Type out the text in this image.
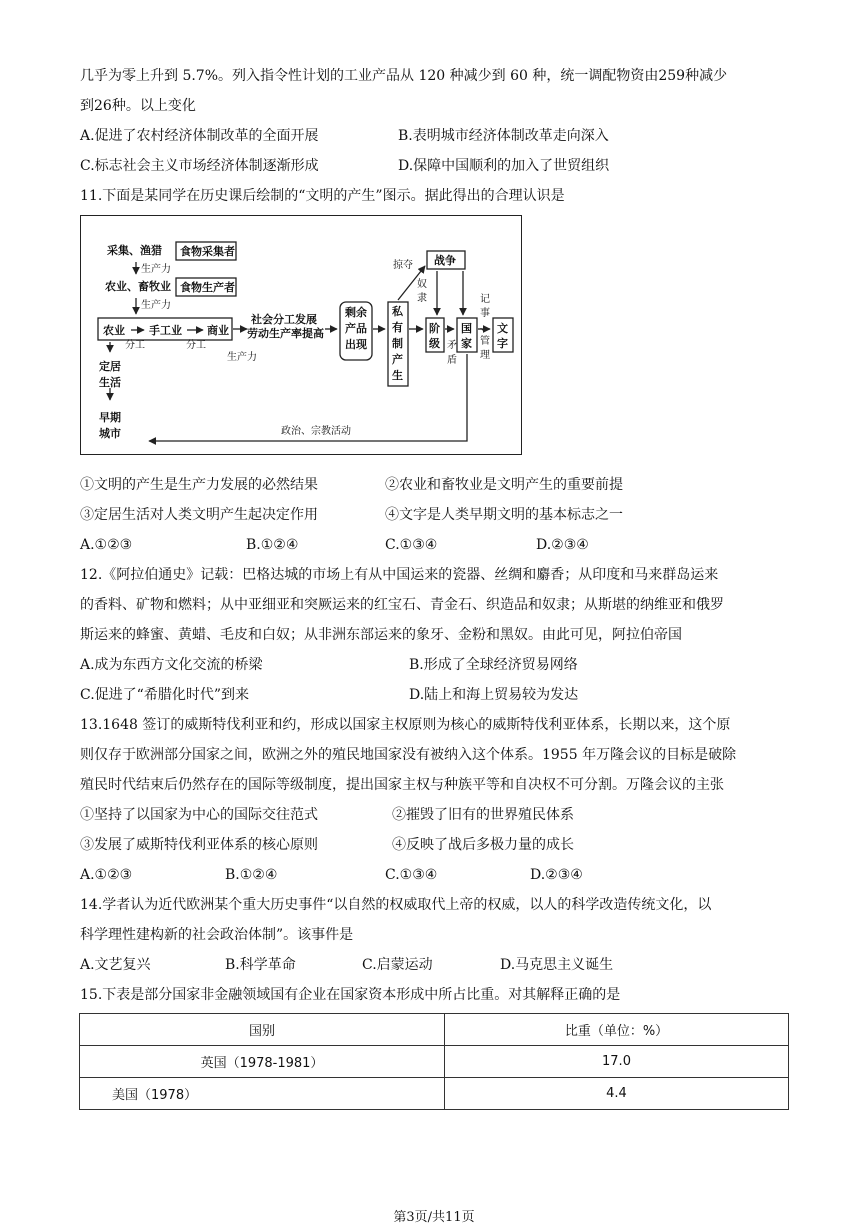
几乎为零上升到 5.7%。列入指令性计划的工业产品从 120 种减少到 60 种，统一调配物资由259种减少
到26种。以上变化
A.促进了农村经济体制改革的全面开展	B.表明城市经济体制改革走向深入
C.标志社会主义市场经济体制逐渐形成	D.保障中国顺利的加入了世贸组织
11.下面是某同学在历史课后绘制的“文明的产生”图示。据此得出的合理认识是
采集、渔猎 食物采集者
农业、畜牧业 食物生产者
农业 手工业 商业
社会分工发展
劳动生产率提高
剩余
产品
出现
私
有
制
产
生
战争
阶
级
国
家
文
字
定居
生活
早期
城市
生产力
生产力
分工	分工
生产力
掠夺
奴
隶
矛
盾
记
事
、
管
理
政治、宗教活动
①文明的产生是生产力发展的必然结果	②农业和畜牧业是文明产生的重要前提
③定居生活对人类文明产生起决定作用	④文字是人类早期文明的基本标志之一
A.①②③	B.①②④	C.①③④	D.②③④
12.《阿拉伯通史》记载：巴格达城的市场上有从中国运来的瓷器、丝绸和麝香；从印度和马来群岛运来
的香料、矿物和燃料；从中亚细亚和突厥运来的红宝石、青金石、织造品和奴隶；从斯堪的纳维亚和俄罗
斯运来的蜂蜜、黄蜡、毛皮和白奴；从非洲东部运来的象牙、金粉和黑奴。由此可见，阿拉伯帝国
A.成为东西方文化交流的桥梁	B.形成了全球经济贸易网络
C.促进了“希腊化时代”到来	D.陆上和海上贸易较为发达
13.1648 签订的威斯特伐利亚和约，形成以国家主权原则为核心的威斯特伐利亚体系，长期以来，这个原
则仅存于欧洲部分国家之间，欧洲之外的殖民地国家没有被纳入这个体系。1955 年万隆会议的目标是破除
殖民时代结束后仍然存在的国际等级制度，提出国家主权与种族平等和自决权不可分割。万隆会议的主张
①坚持了以国家为中心的国际交往范式	②摧毁了旧有的世界殖民体系
③发展了威斯特伐利亚体系的核心原则	④反映了战后多极力量的成长
A.①②③	B.①②④	C.①③④	D.②③④
14.学者认为近代欧洲某个重大历史事件“以自然的权威取代上帝的权威，以人的科学改造传统文化，以
科学理性建构新的社会政治体制”。该事件是
A.文艺复兴	B.科学革命	C.启蒙运动	D.马克思主义诞生
15.下表是部分国家非金融领域国有企业在国家资本形成中所占比重。对其解释正确的是
国别	比重（单位：%）
英国（1978-1981）	17.0
美国（1978）	4.4
第3页/共11页
